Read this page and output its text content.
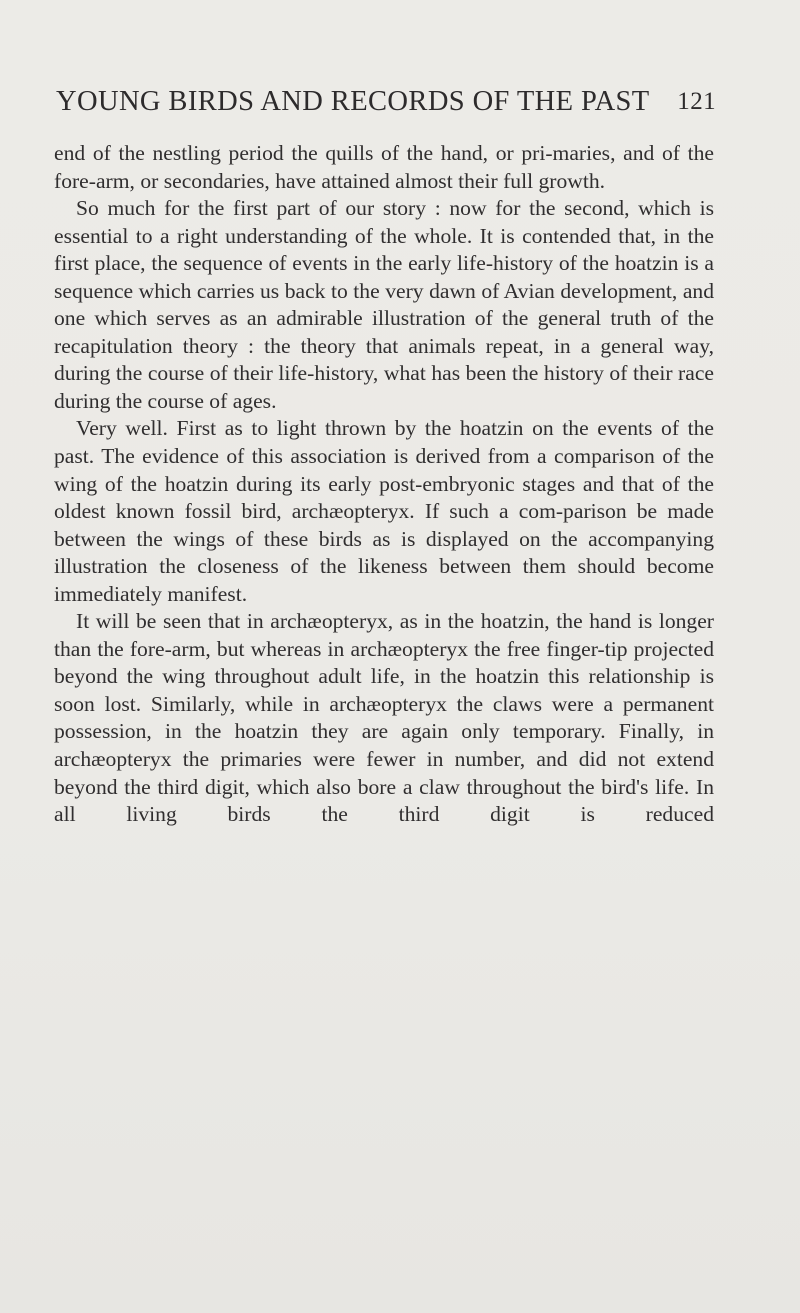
YOUNG BIRDS AND RECORDS OF THE PAST 121

end of the nestling period the quills of the hand, or pri-maries, and of the fore-arm, or secondaries, have attained almost their full growth.

So much for the first part of our story : now for the second, which is essential to a right understanding of the whole. It is contended that, in the first place, the sequence of events in the early life-history of the hoatzin is a sequence which carries us back to the very dawn of Avian development, and one which serves as an admirable illustration of the general truth of the recapitulation theory : the theory that animals repeat, in a general way, during the course of their life-history, what has been the history of their race during the course of ages.

Very well. First as to light thrown by the hoatzin on the events of the past. The evidence of this association is derived from a comparison of the wing of the hoatzin during its early post-embryonic stages and that of the oldest known fossil bird, archæopteryx. If such a com-parison be made between the wings of these birds as is displayed on the accompanying illustration the closeness of the likeness between them should become immediately manifest.

It will be seen that in archæopteryx, as in the hoatzin, the hand is longer than the fore-arm, but whereas in archæopteryx the free finger-tip projected beyond the wing throughout adult life, in the hoatzin this relationship is soon lost. Similarly, while in archæopteryx the claws were a permanent possession, in the hoatzin they are again only temporary. Finally, in archæopteryx the primaries were fewer in number, and did not extend beyond the third digit, which also bore a claw throughout the bird's life. In all living birds the third digit is reduced
